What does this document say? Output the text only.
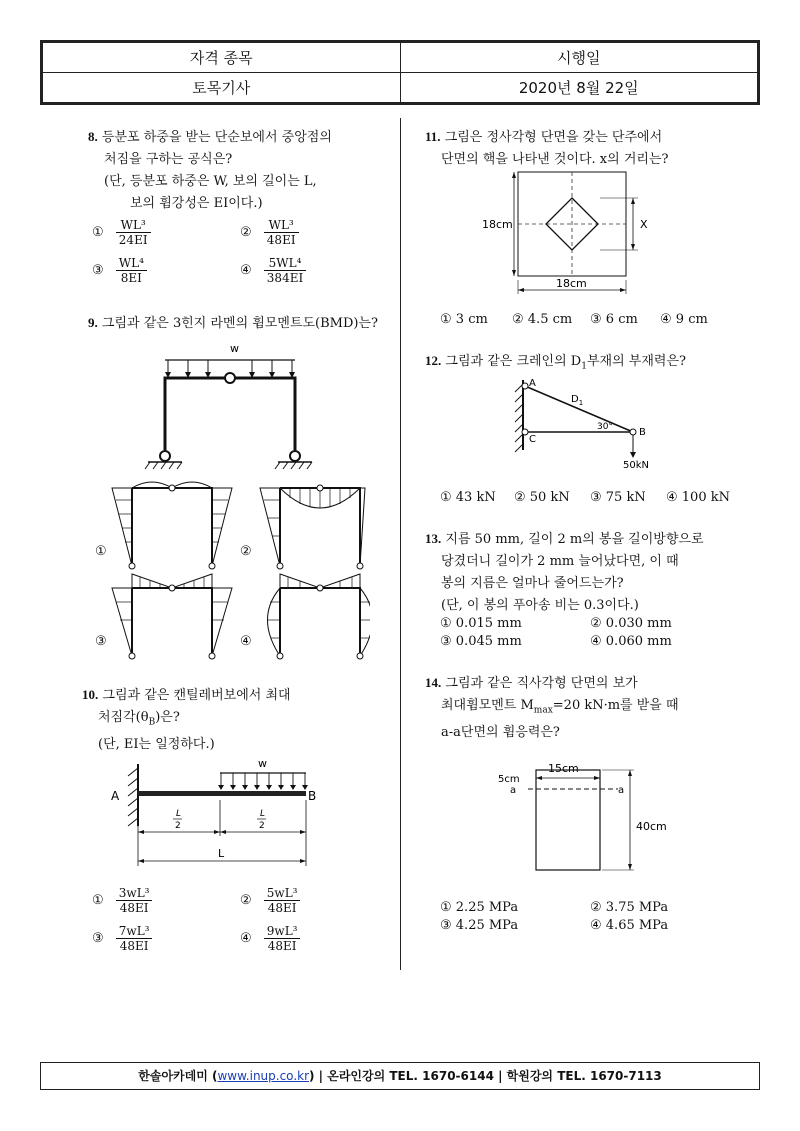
자격 종목	시행일
토목기사	2020년 8월 22일
8. 등분포 하중을 받는 단순보에서 중앙점의
처짐을 구하는 공식은?
(단, 등분포 하중은 W, 보의 길이는 L,
보의 휨강성은 EI이다.)
① $\frac{\text{WL³}}{24EI}$	② $\frac{\text{WL³}}{48EI}$
③ $\frac{\text{WL⁴}}{8EI}$	④ $\frac{\text{5WL⁴}}{384EI}$
9. 그림과 같은 3힌지 라멘의 휨모멘트도(BMD)는?
w
①	②
③	④
10. 그림과 같은 캔틸레버보에서 최대
처짐각$(\theta_B)$은?
(단, EI는 일정하다.)
w
A	B
L
2
L
2
L
① $\frac{\text{3wL³}}{48EI}$	② $\frac{\text{5wL³}}{48EI}$
③ $\frac{\text{7wL³}}{48EI}$	④ $\frac{\text{9wL³}}{48EI}$
11. 그림은 정사각형 단면을 갖는 단주에서
단면의 핵을 나타낸 것이다. x의 거리는?
18cm	X
18cm
① 3 cm ② 4.5 cm ③ 6 cm ④ 9 cm
12. 그림과 같은 크레인의 $D_1$부재의 부재력은?
A
$D_1$
30°	B
C
50kN
① 43 kN ② 50 kN ③ 75 kN ④ 100 kN
13. 지름 50 mm, 길이 2 m의 봉을 길이방향으로
당겼더니 길이가 2 mm 늘어났다면, 이 때
봉의 지름은 얼마나 줄어드는가?
(단, 이 봉의 푸아송 비는 0.3이다.)
① 0.015 mm	② 0.030 mm
③ 0.045 mm	④ 0.060 mm
14. 그림과 같은 직사각형 단면의 보가
최대휨모멘트 $M_{max}=20$ kN·m를 받을 때
a-a단면의 휨응력은?
15cm
5cm
a	a
40cm
① 2.25 MPa	② 3.75 MPa
③ 4.25 MPa	④ 4.65 MPa
한솔아카데미 (www.inup.co.kr) | 온라인강의 TEL. 1670-6144 | 학원강의 TEL. 1670-7113
